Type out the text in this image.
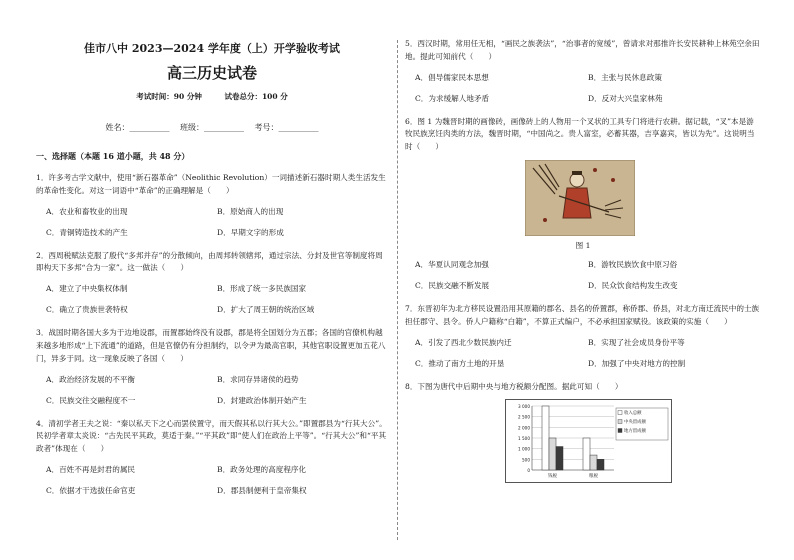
佳市八中 2023—2024 学年度（上）开学验收考试
高三历史试卷
考试时间：90 分钟	试卷总分：100 分
姓名：__________ 班级：__________ 考号：__________
一、选择题（本题 16 道小题，共 48 分）
1．许多考古学文献中，使用“新石器革命”（Neolithic Revolution）一词描述新石器时期人类生活发生的革命性变化。对这一词语中“革命”的正确理解是（　　）
A．农业和畜牧业的出现	B．原始商人的出现
C．青铜铸造技术的产生	D．早期文字的形成
2．西周税赋法克服了殷代“多邦并存”的分散倾向，由周邦转领辖邦，通过宗法、分封及世官等制度将周即构天下多邦“合为一家”。这一做法（　　）
A．建立了中央集权体制	B．形成了统一多民族国家
C．确立了贵族世袭特权	D．扩大了周王朝的统治区域
3．战国时期各国大多为于边地设郡，而置郡始终没有设郡，郡是将全国划分为五郡；各国的官僚机构越来越多地形成“上下流通”的道路，但是官僚仍有分担制约，以令尹为最高官职，其他官职设置更加五花八门，异多于同。这一现象反映了各国（　　）
A．政治经济发展的不平衡	B．求同存异诸侯的趋势
C．民族交往交融程度不一	D．封建政治体制开始产生
4．清初学者王夫之说：“秦以私天下之心而罢侯置守，而天假其私以行其大公。”即置郡县为“行其大公”。民初学者章太炎说：“古先民平其政，莫适于秦。”“平其政”即“使人们在政治上平等”。“行其大公”和“平其政者”体现在（　　）
A．百姓不再是封君的属民	B．政务处理的高度程序化
C．依据才干选拔任命官吏	D．郡县制便利于皇帝集权
5．西汉时期，常用任无相，“画民之族袭法”，“治事者的宽缓”，曾请求对那推许长安民耕种上林苑空余田地。提此可知前代（　　）
A．倡导儒家民本思想	B．主张与民休息政策
C．为求缓解人地矛盾	D．反对大兴皇家林苑
6．图 1 为魏晋时期的画像砖，画像砖上的人物用一个叉状的工具专门将进行农耕。据记载，“叉”本是游牧民族烹饪肉类的方法，魏晋时期，“中国尚之。贵人富室，必蓄其器，吉享嘉宾，皆以为先”。这说明当时（　　）
图 1
A．华夏认同观念加强	B．游牧民族饮食中原习俗
C．民族交融不断发展	D．民众饮食结构发生改变
7．东晋初年为北方移民设置沿用其原籍的郡名、县名的侨置郡，称侨郡、侨县，对北方南迁流民中的士族担任郡守、县令。侨人户籍称“白籍”，不算正式编户，不必承担国家赋役。该政策的实施（　　）
A．引发了西北少数民族内迁	B．实现了社会成员身份平等
C．推动了南方土地的开垦	D．加强了中央对地方的控制
8．下图为唐代中后期中央与地方税额分配图。据此可知（　　）
3 000
2 500
2 000
1 500
1 000
500
0
钱税	粮税
收入总额
中央留成额
地方留成额
